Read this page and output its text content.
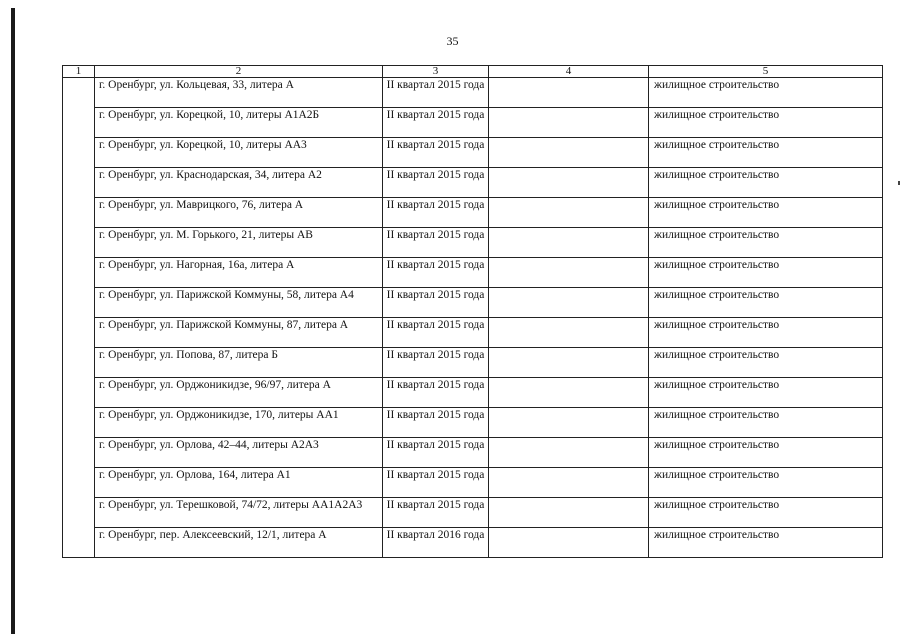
35
1	2	3	4	5
	г. Оренбург, ул. Кольцевая, 33, литера А	II квартал 2015 года		жилищное строительство
	г. Оренбург, ул. Корецкой, 10, литеры А1А2Б	II квартал 2015 года		жилищное строительство
	г. Оренбург, ул. Корецкой, 10, литеры АА3	II квартал 2015 года		жилищное строительство
	г. Оренбург, ул. Краснодарская, 34, литера А2	II квартал 2015 года		жилищное строительство
	г. Оренбург, ул. Маврицкого, 76, литера А	II квартал 2015 года		жилищное строительство
	г. Оренбург, ул. М. Горького, 21, литеры АВ	II квартал 2015 года		жилищное строительство
	г. Оренбург, ул. Нагорная, 16а, литера А	II квартал 2015 года		жилищное строительство
	г. Оренбург, ул. Парижской Коммуны, 58, литера А4	II квартал 2015 года		жилищное строительство
	г. Оренбург, ул. Парижской Коммуны, 87, литера А	II квартал 2015 года		жилищное строительство
	г. Оренбург, ул. Попова, 87, литера Б	II квартал 2015 года		жилищное строительство
	г. Оренбург, ул. Орджоникидзе, 96/97, литера А	II квартал 2015 года		жилищное строительство
	г. Оренбург, ул. Орджоникидзе, 170, литеры АА1	II квартал 2015 года		жилищное строительство
	г. Оренбург, ул. Орлова, 42–44, литеры А2А3	II квартал 2015 года		жилищное строительство
	г. Оренбург, ул. Орлова, 164, литера А1	II квартал 2015 года		жилищное строительство
	г. Оренбург, ул. Терешковой, 74/72, литеры АА1А2А3	II квартал 2015 года		жилищное строительство
	г. Оренбург, пер. Алексеевский, 12/1, литера А	II квартал 2016 года		жилищное строительство
